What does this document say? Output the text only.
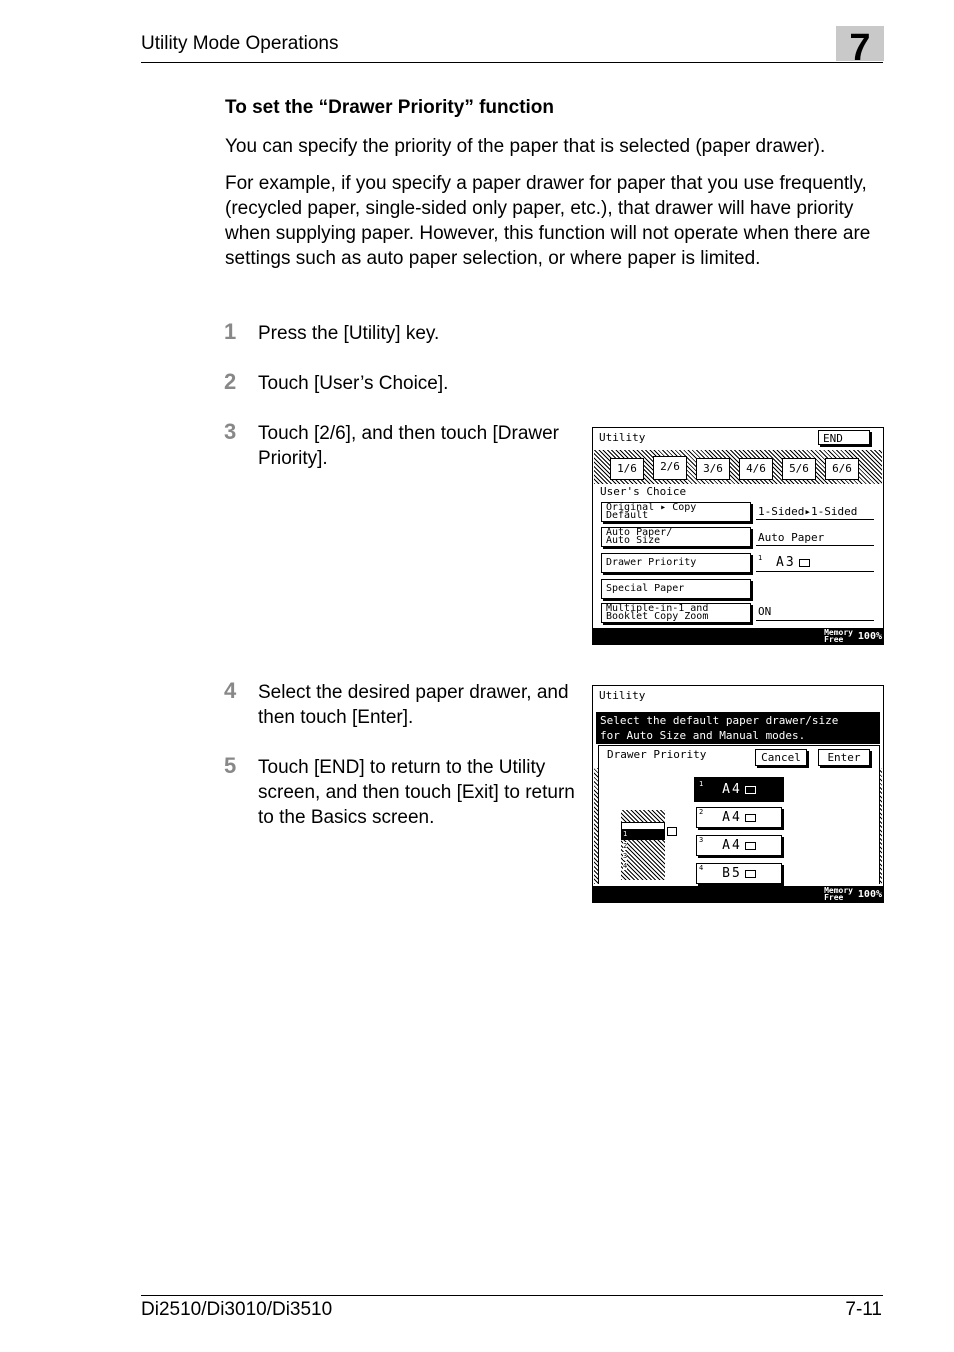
Utility Mode Operations	7
To set the “Drawer Priority” function
You can specify the priority of the paper that is selected (paper drawer).
For example, if you specify a paper drawer for paper that you use frequently, (recycled paper, single-sided only paper, etc.), that drawer will have priority when supplying paper. However, this function will not operate when there are settings such as auto paper selection, or where paper is limited.
1 Press the [Utility] key.
2 Touch [User’s Choice].
3 Touch [2/6], and then touch [Drawer Priority].
4 Select the desired paper drawer, and then touch [Enter].
5 Touch [END] to return to the Utility screen, and then touch [Exit] to return to the Basics screen.
Utility	END
1/6	2/6	3/6	4/6	5/6	6/6
User's Choice
Original ▸ Copy
Default	1-Sided▸1-Sided
Auto Paper/
Auto Size	Auto Paper
Drawer Priority	1 A3
Special Paper
Multiple-in-1 and
Booklet Copy Zoom	ON
Memory
Free	100%
Utility
Select the default paper drawer/size
for Auto Size and Manual modes.
Drawer Priority	Cancel	Enter
1
2
3
4
1 A4
2 A4
3 A4
4 B5
Memory
Free	100%
Di2510/Di3010/Di3510	7-11
